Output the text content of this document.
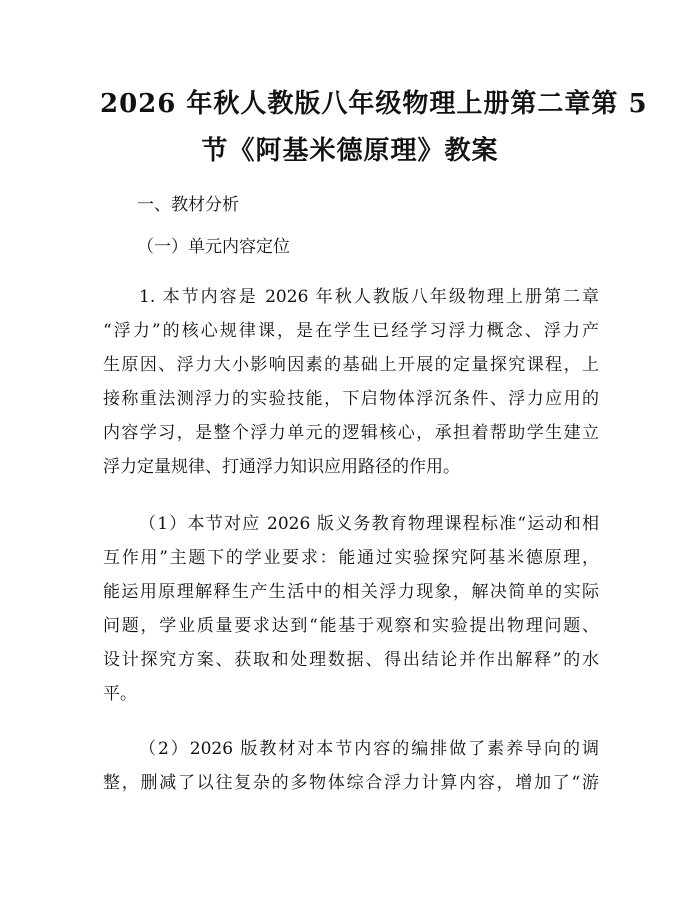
2026 年秋人教版八年级物理上册第二章第 5
节《阿基米德原理》教案
一、教材分析
（一）单元内容定位
1. 本节内容是 2026 年秋人教版八年级物理上册第二章
“浮力”的核心规律课，是在学生已经学习浮力概念、浮力产
生原因、浮力大小影响因素的基础上开展的定量探究课程，上
接称重法测浮力的实验技能，下启物体浮沉条件、浮力应用的
内容学习，是整个浮力单元的逻辑核心，承担着帮助学生建立
浮力定量规律、打通浮力知识应用路径的作用。
（1）本节对应 2026 版义务教育物理课程标准“运动和相
互作用”主题下的学业要求：能通过实验探究阿基米德原理，
能运用原理解释生产生活中的相关浮力现象，解决简单的实际
问题，学业质量要求达到“能基于观察和实验提出物理问题、
设计探究方案、获取和处理数据、得出结论并作出解释”的水
平。
（2）2026 版教材对本节内容的编排做了素养导向的调
整，删减了以往复杂的多物体综合浮力计算内容，增加了“游
